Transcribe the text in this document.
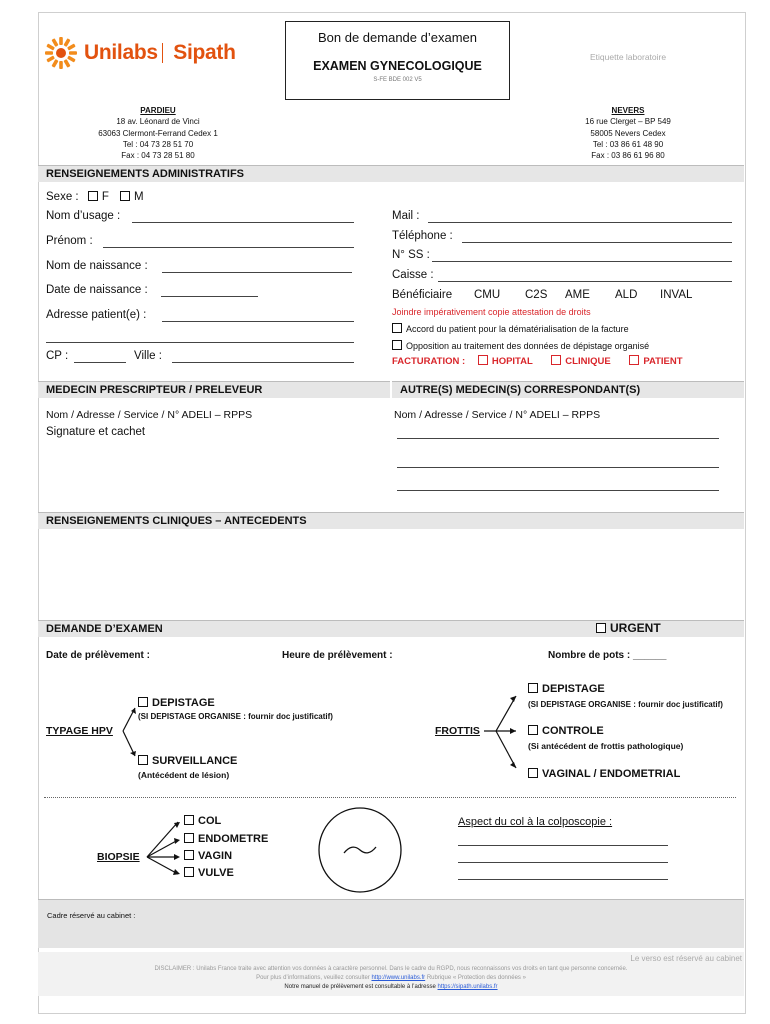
Unilabs Sipath
Bon de demande d’examen
EXAMEN GYNECOLOGIQUE
S-FE BDE 002 V5
Etiquette laboratoire
PARDIEU
18 av. Léonard de Vinci
63063 Clermont-Ferrand Cedex 1
Tel : 04 73 28 51 70
Fax : 04 73 28 51 80
NEVERS
16 rue Clerget – BP 549
58005 Nevers Cedex
Tel : 03 86 61 48 90
Fax : 03 86 61 96 80
RENSEIGNEMENTS ADMINISTRATIFS
Sexe : F M
Nom d’usage :
Prénom :
Nom de naissance :
Date de naissance :
Adresse patient(e) :
CP :	Ville :
Mail :
Téléphone :
N° SS :
Caisse :
Bénéficiaire CMU C2S AME ALD INVAL
Joindre impérativement copie attestation de droits
Accord du patient pour la dématérialisation de la facture
Opposition au traitement des données de dépistage organisé
FACTURATION :	HOPITAL	CLINIQUE	PATIENT
MEDECIN PRESCRIPTEUR / PRELEVEUR	AUTRE(S) MEDECIN(S) CORRESPONDANT(S)
Nom / Adresse / Service / N° ADELI – RPPS
Signature et cachet
Nom / Adresse / Service / N° ADELI – RPPS
RENSEIGNEMENTS CLINIQUES – ANTECEDENTS
DEMANDE D’EXAMEN	URGENT
Date de prélèvement :	Heure de prélèvement :	Nombre de pots : ______
TYPAGE HPV
DEPISTAGE
(SI DEPISTAGE ORGANISE : fournir doc justificatif)
SURVEILLANCE
(Antécédent de lésion)
FROTTIS
DEPISTAGE
(SI DEPISTAGE ORGANISE : fournir doc justificatif)
CONTROLE
(Si antécédent de frottis pathologique)
VAGINAL / ENDOMETRIAL
BIOPSIE
COL
ENDOMETRE
VAGIN
VULVE
Aspect du col à la colposcopie :
Cadre réservé au cabinet :
Le verso est réservé au cabinet
DISCLAIMER : Unilabs France traite avec attention vos données à caractère personnel. Dans le cadre du RGPD, nous reconnaissons vos droits en tant que personne concernée.
Pour plus d’informations, veuillez consulter http://www.unilabs.fr Rubrique « Protection des données »
Notre manuel de prélèvement est consultable à l’adresse https://sipath.unilabs.fr
